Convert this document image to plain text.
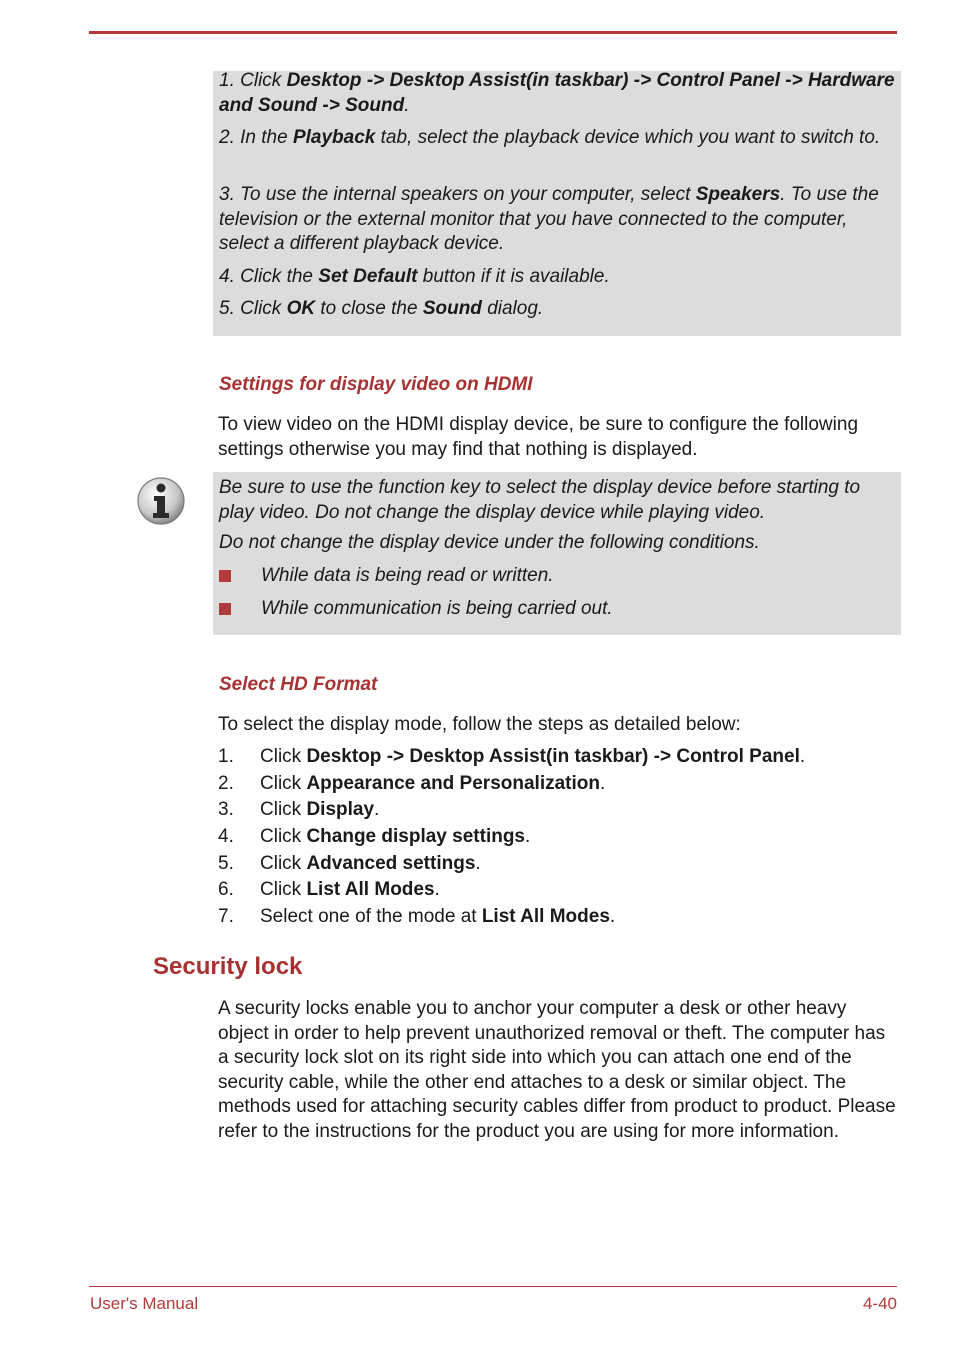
1. Click Desktop -> Desktop Assist(in taskbar) -> Control Panel -> Hardware and Sound -> Sound.

2. In the Playback tab, select the playback device which you want to switch to.

3. To use the internal speakers on your computer, select Speakers. To use the television or the external monitor that you have connected to the computer, select a different playback device.

4. Click the Set Default button if it is available.

5. Click OK to close the Sound dialog.

Settings for display video on HDMI

To view video on the HDMI display device, be sure to configure the following settings otherwise you may find that nothing is displayed.

Be sure to use the function key to select the display device before starting to play video. Do not change the display device while playing video.

Do not change the display device under the following conditions.

While data is being read or written.
While communication is being carried out.
Select HD Format

To select the display mode, follow the steps as detailed below:

1. Click Desktop -> Desktop Assist(in taskbar) -> Control Panel.
2. Click Appearance and Personalization.
3. Click Display.
4. Click Change display settings.
5. Click Advanced settings.
6. Click List All Modes.
7. Select one of the mode at List All Modes.
Security lock

A security locks enable you to anchor your computer a desk or other heavy object in order to help prevent unauthorized removal or theft. The computer has a security lock slot on its right side into which you can attach one end of the security cable, while the other end attaches to a desk or similar object. The methods used for attaching security cables differ from product to product. Please refer to the instructions for the product you are using for more information.

User's Manual	4-40
